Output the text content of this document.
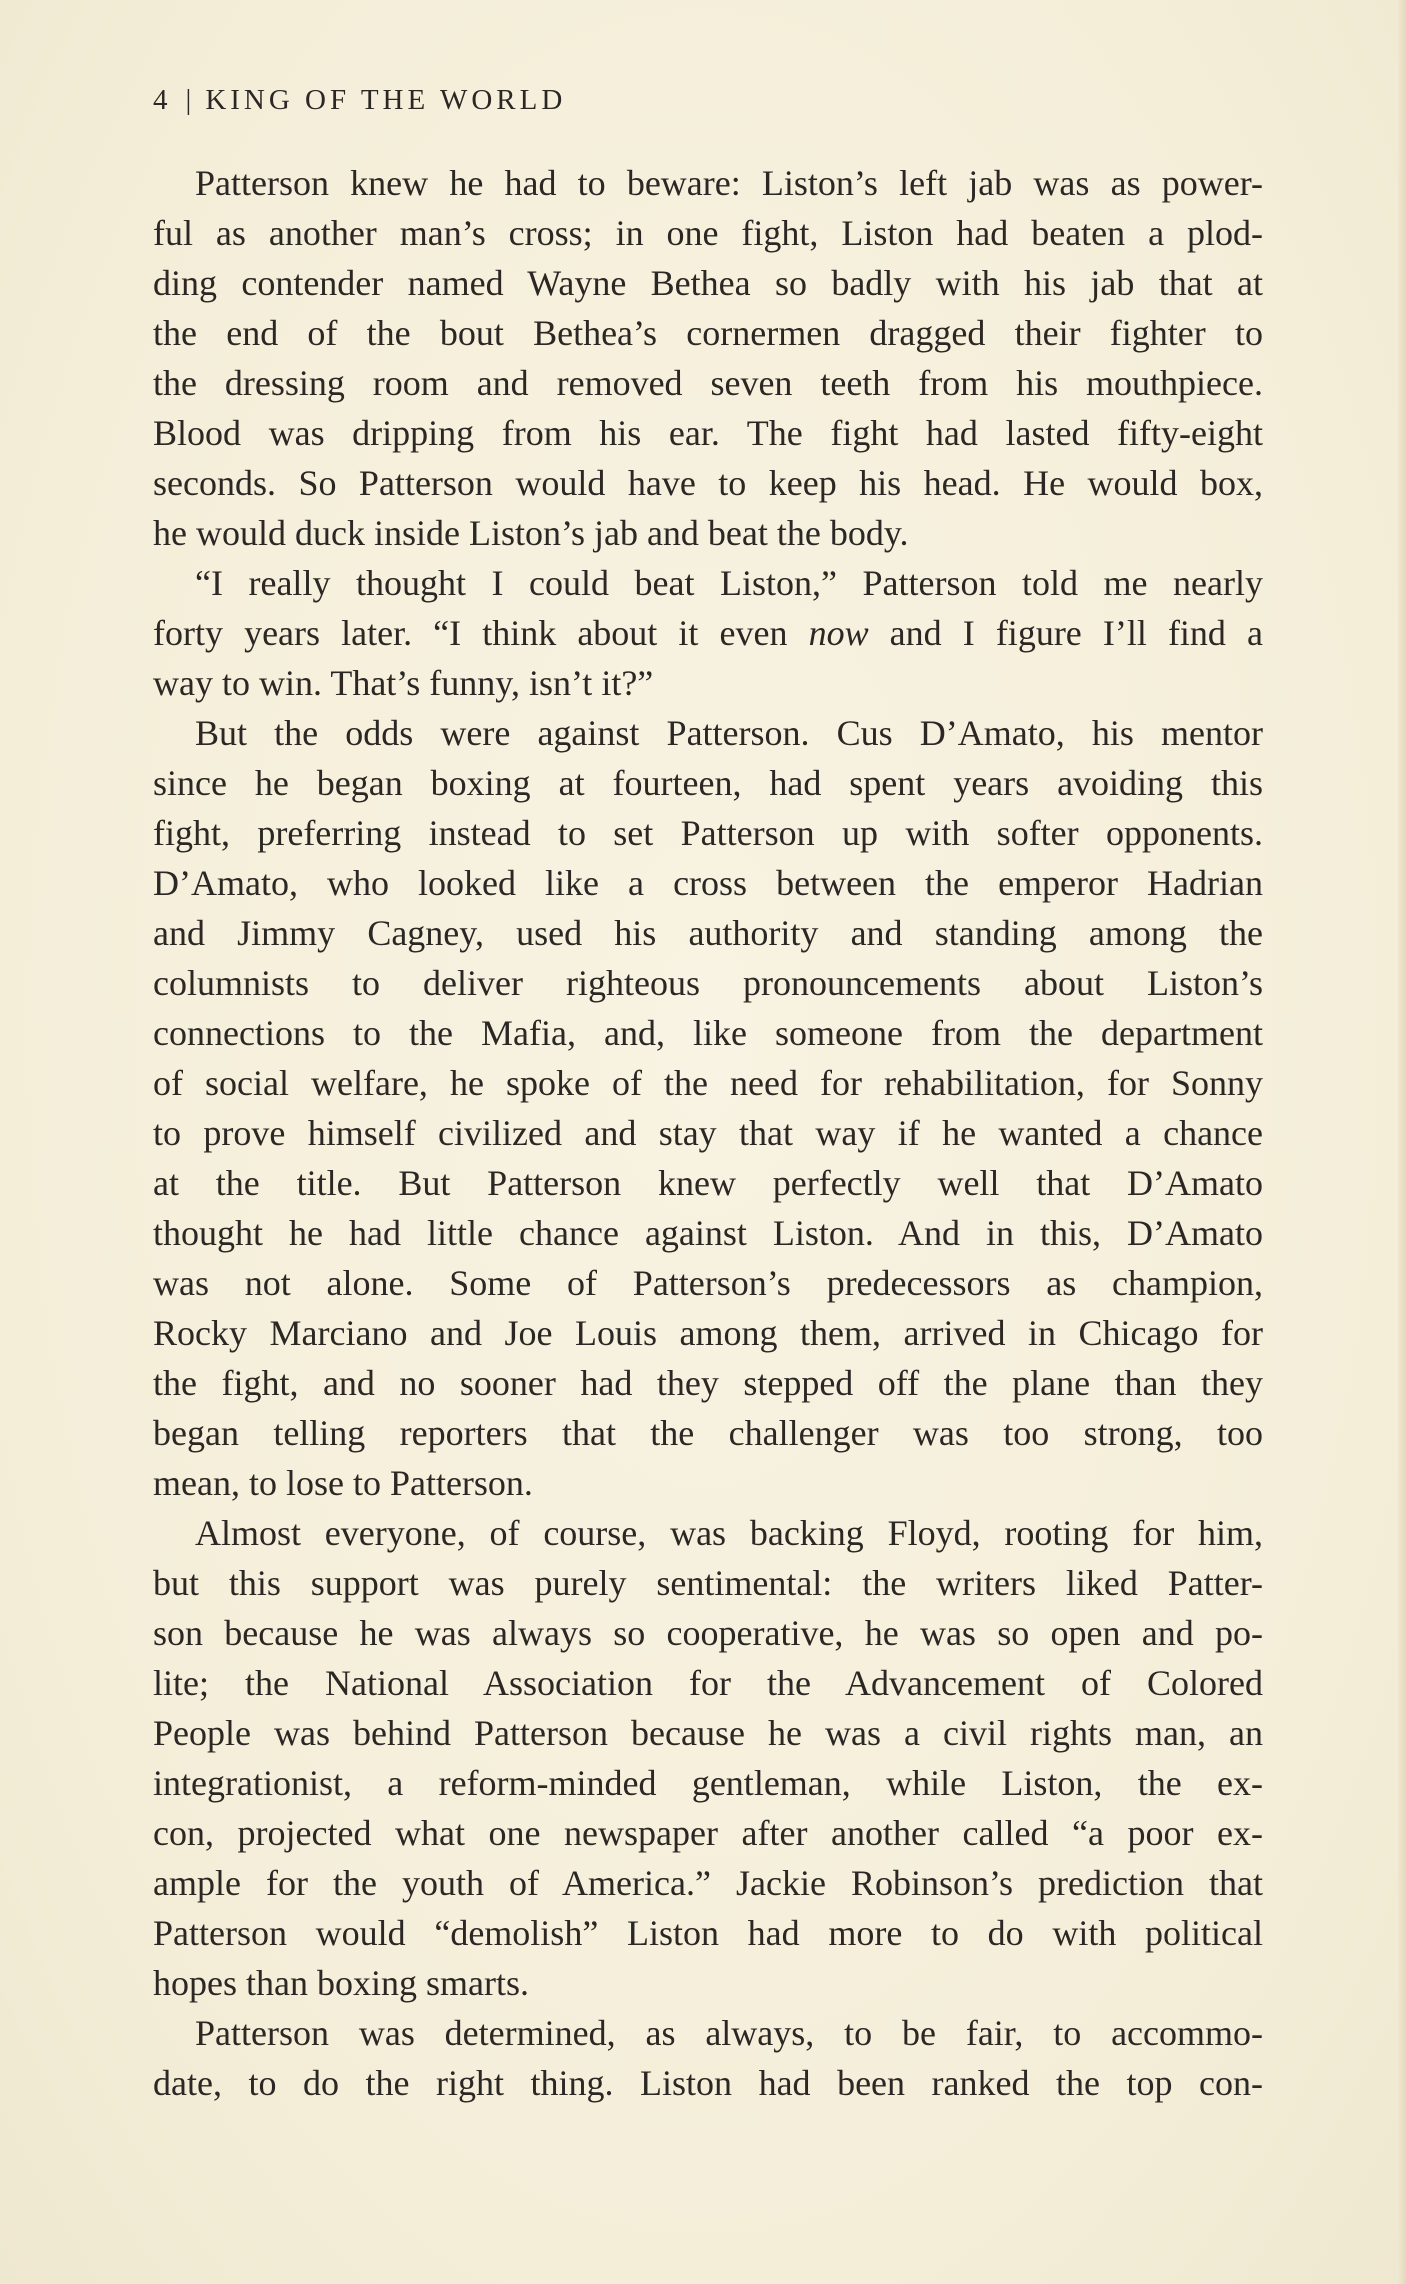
4 | KING OF THE WORLD
Patterson knew he had to beware: Liston’s left jab was as power-
ful as another man’s cross; in one fight, Liston had beaten a plod-
ding contender named Wayne Bethea so badly with his jab that at
the end of the bout Bethea’s cornermen dragged their fighter to
the dressing room and removed seven teeth from his mouthpiece.
Blood was dripping from his ear. The fight had lasted fifty-eight
seconds. So Patterson would have to keep his head. He would box,
he would duck inside Liston’s jab and beat the body.
“I really thought I could beat Liston,” Patterson told me nearly
forty years later. “I think about it even now and I figure I’ll find a
way to win. That’s funny, isn’t it?”
But the odds were against Patterson. Cus D’Amato, his mentor
since he began boxing at fourteen, had spent years avoiding this
fight, preferring instead to set Patterson up with softer opponents.
D’Amato, who looked like a cross between the emperor Hadrian
and Jimmy Cagney, used his authority and standing among the
columnists to deliver righteous pronouncements about Liston’s
connections to the Mafia, and, like someone from the department
of social welfare, he spoke of the need for rehabilitation, for Sonny
to prove himself civilized and stay that way if he wanted a chance
at the title. But Patterson knew perfectly well that D’Amato
thought he had little chance against Liston. And in this, D’Amato
was not alone. Some of Patterson’s predecessors as champion,
Rocky Marciano and Joe Louis among them, arrived in Chicago for
the fight, and no sooner had they stepped off the plane than they
began telling reporters that the challenger was too strong, too
mean, to lose to Patterson.
Almost everyone, of course, was backing Floyd, rooting for him,
but this support was purely sentimental: the writers liked Patter-
son because he was always so cooperative, he was so open and po-
lite; the National Association for the Advancement of Colored
People was behind Patterson because he was a civil rights man, an
integrationist, a reform-minded gentleman, while Liston, the ex-
con, projected what one newspaper after another called “a poor ex-
ample for the youth of America.” Jackie Robinson’s prediction that
Patterson would “demolish” Liston had more to do with political
hopes than boxing smarts.
Patterson was determined, as always, to be fair, to accommo-
date, to do the right thing. Liston had been ranked the top con-
